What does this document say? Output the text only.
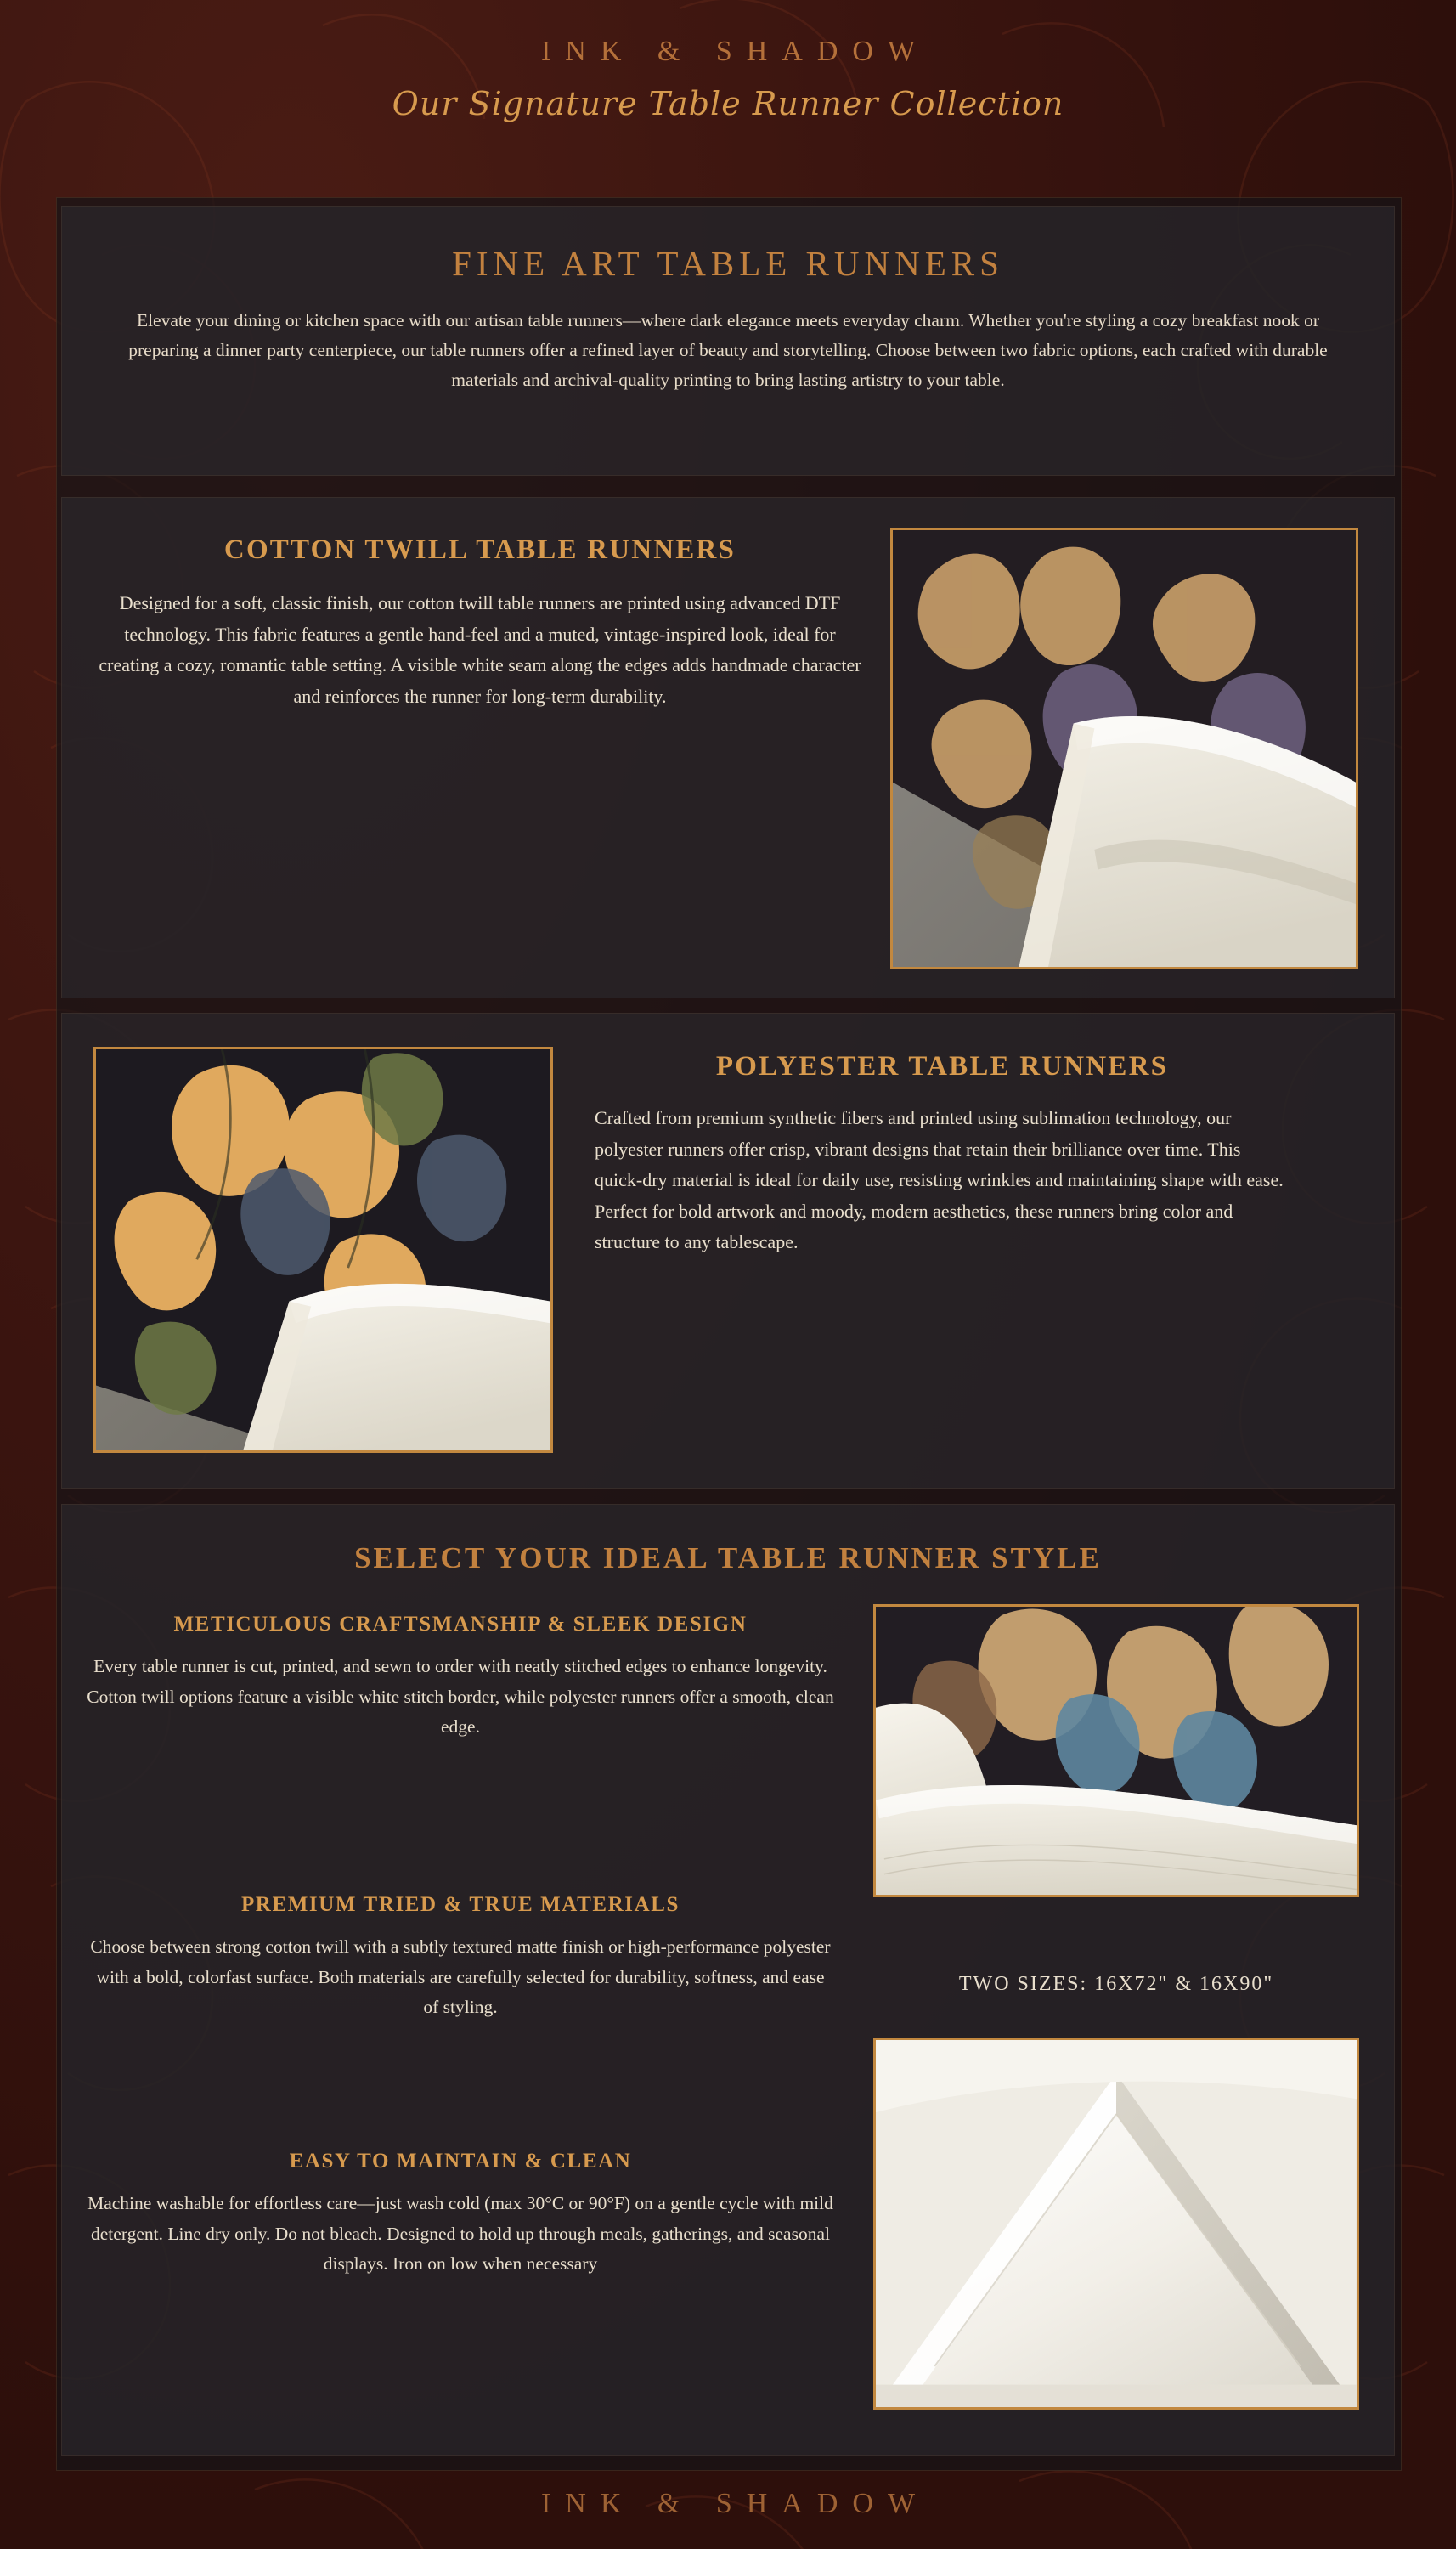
INK & SHADOW
Our Signature Table Runner Collection
FINE ART TABLE RUNNERS
Elevate your dining or kitchen space with our artisan table runners—where dark elegance meets everyday charm. Whether you're styling a cozy breakfast nook or preparing a dinner party centerpiece, our table runners offer a refined layer of beauty and storytelling. Choose between two fabric options, each crafted with durable materials and archival-quality printing to bring lasting artistry to your table.
COTTON TWILL TABLE RUNNERS
Designed for a soft, classic finish, our cotton twill table runners are printed using advanced DTF technology. This fabric features a gentle hand-feel and a muted, vintage-inspired look, ideal for creating a cozy, romantic table setting. A visible white seam along the edges adds handmade character and reinforces the runner for long-term durability.
POLYESTER TABLE RUNNERS
Crafted from premium synthetic fibers and printed using sublimation technology, our polyester runners offer crisp, vibrant designs that retain their brilliance over time. This quick-dry material is ideal for daily use, resisting wrinkles and maintaining shape with ease. Perfect for bold artwork and moody, modern aesthetics, these runners bring color and structure to any tablescape.
SELECT YOUR IDEAL TABLE RUNNER STYLE
METICULOUS CRAFTSMANSHIP & SLEEK DESIGN
Every table runner is cut, printed, and sewn to order with neatly stitched edges to enhance longevity. Cotton twill options feature a visible white stitch border, while polyester runners offer a smooth, clean edge.
PREMIUM TRIED & TRUE MATERIALS
Choose between strong cotton twill with a subtly textured matte finish or high-performance polyester with a bold, colorfast surface. Both materials are carefully selected for durability, softness, and ease of styling.
EASY TO MAINTAIN & CLEAN
Machine washable for effortless care—just wash cold (max 30°C or 90°F) on a gentle cycle with mild detergent. Line dry only. Do not bleach. Designed to hold up through meals, gatherings, and seasonal displays. Iron on low when necessary
TWO SIZES: 16X72" & 16X90"
INK & SHADOW
